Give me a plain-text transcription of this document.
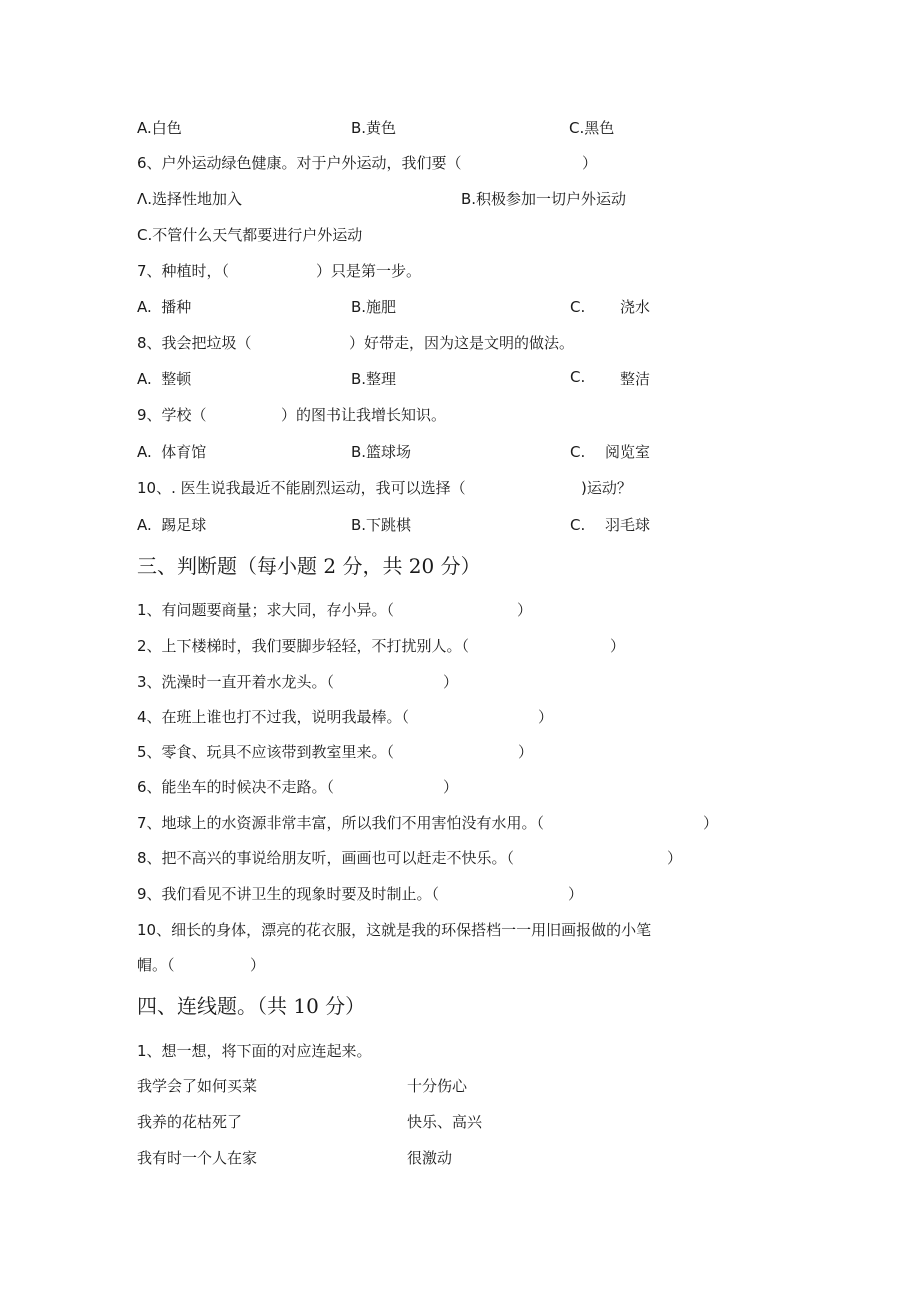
A.白色	B.黄色	C.黑色
6、户外运动绿色健康。对于户外运动，我们要（	）
Λ.选择性地加入	B.积极参加一切户外运动
C.不管什么天气都要进行户外运动
7、种植时，（	）只是第一步。
A.  播种	B.施肥	C. 浇水
8、我会把垃圾（	）好带走，因为这是文明的做法。
A.  整顿	B.整理	C. 整洁
9、学校（	）的图书让我增长知识。
A.  体育馆	B.篮球场	C. 阅览室
10、. 医生说我最近不能剧烈运动，我可以选择（	)运动？
A.  踢足球	B.下跳棋	C. 羽毛球
三、判断题（每小题 2 分，共 20 分）
1、有问题要商量；求大同，存小异。（	）
2、上下楼梯时，我们要脚步轻轻，不打扰别人。（	）
3、洗澡时一直开着水龙头。（	）
4、在班上谁也打不过我，说明我最棒。（	）
5、零食、玩具不应该带到教室里来。（	）
6、能坐车的时候决不走路。（	）
7、地球上的水资源非常丰富，所以我们不用害怕没有水用。（	）
8、把不高兴的事说给朋友听，画画也可以赶走不快乐。（	）
9、我们看见不讲卫生的现象时要及时制止。（	）
10、细长的身体，漂亮的花衣服，这就是我的环保搭档一一用旧画报做的小笔
帽。（	）
四、连线题。（共 10 分）
1、想一想，将下面的对应连起来。
我学会了如何买菜	十分伤心
我养的花枯死了	快乐、高兴
我有时一个人在家	很激动
